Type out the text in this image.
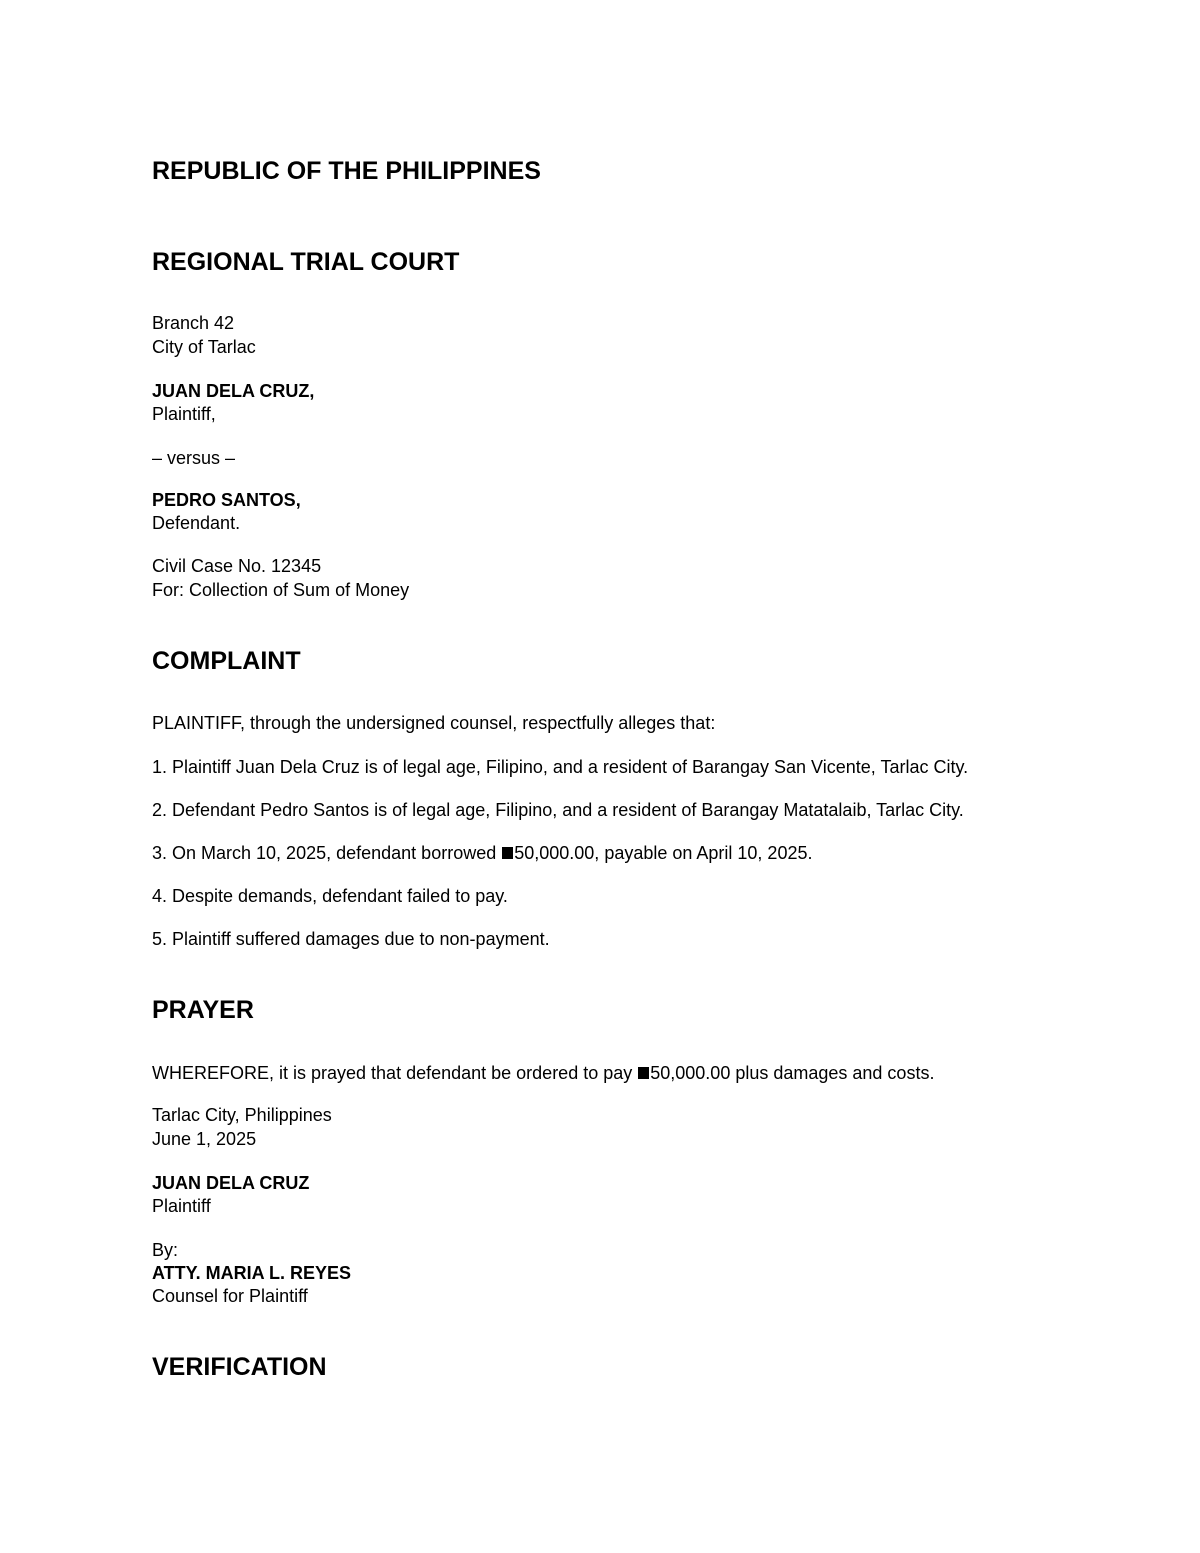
REPUBLIC OF THE PHILIPPINES
REGIONAL TRIAL COURT

Branch 42

City of Tarlac

JUAN DELA CRUZ,

Plaintiff,

– versus –

PEDRO SANTOS,

Defendant.

Civil Case No. 12345

For: Collection of Sum of Money

COMPLAINT

PLAINTIFF, through the undersigned counsel, respectfully alleges that:

1. Plaintiff Juan Dela Cruz is of legal age, Filipino, and a resident of Barangay San Vicente, Tarlac City.

2. Defendant Pedro Santos is of legal age, Filipino, and a resident of Barangay Matatalaib, Tarlac City.

3. On March 10, 2025, defendant borrowed 50,000.00, payable on April 10, 2025.

4. Despite demands, defendant failed to pay.

5. Plaintiff suffered damages due to non-payment.

PRAYER

WHEREFORE, it is prayed that defendant be ordered to pay 50,000.00 plus damages and costs.

Tarlac City, Philippines

June 1, 2025

JUAN DELA CRUZ

Plaintiff

By:

ATTY. MARIA L. REYES

Counsel for Plaintiff

VERIFICATION
